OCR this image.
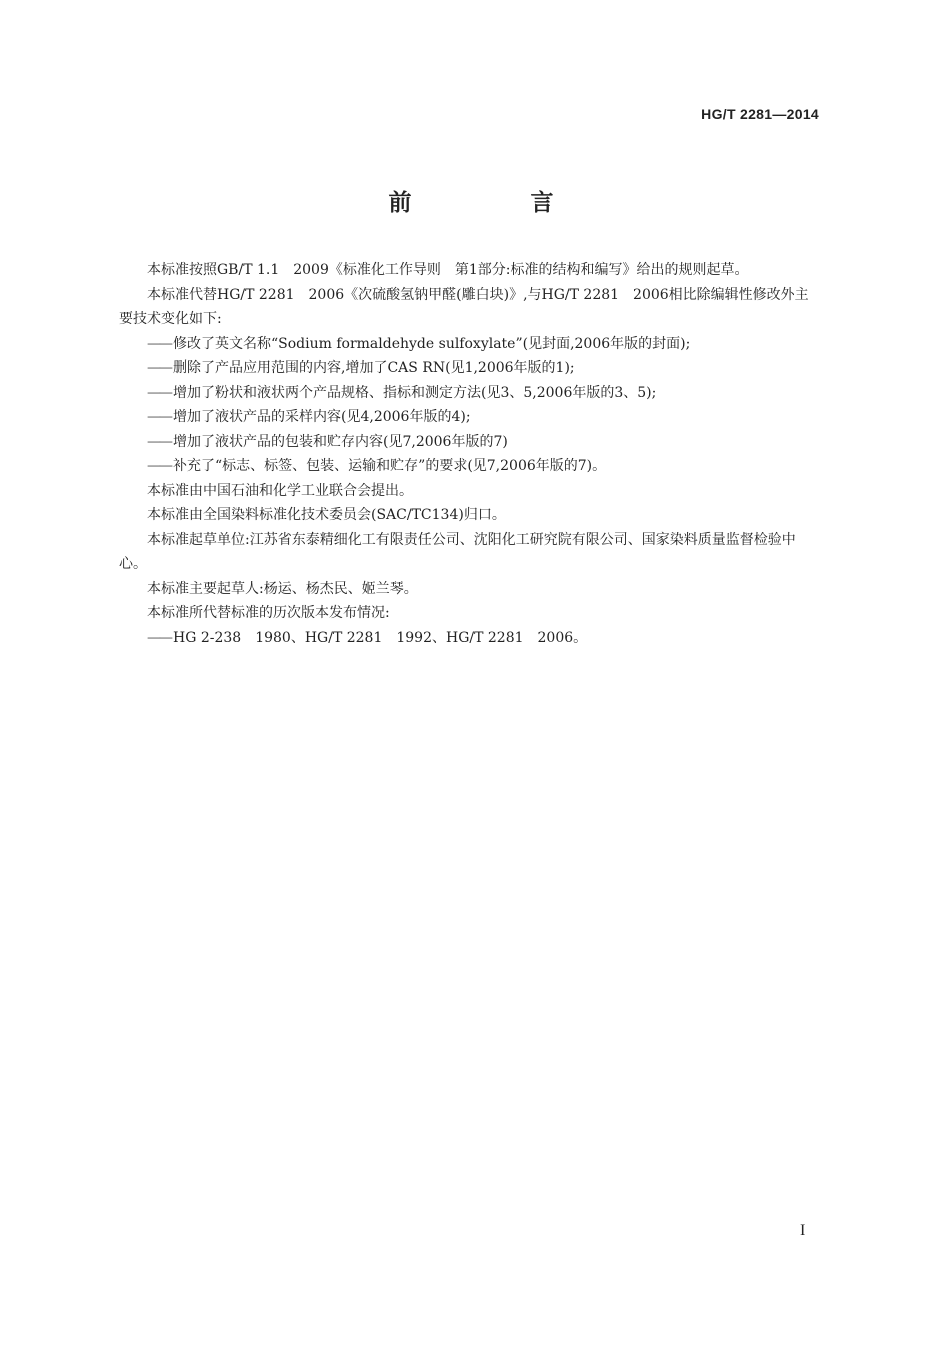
HG/T 2281—2014
前　言

本标准按照GB/T 1.1　2009《标准化工作导则　第1部分:标准的结构和编写》给出的规则起草。

本标准代替HG/T 2281　2006《次硫酸氢钠甲醛(雕白块)》,与HG/T 2281　2006相比除编辑性修改外主要技术变化如下:

—— 修改了英文名称“Sodium formaldehyde sulfoxylate”(见封面,2006年版的封面);

—— 删除了产品应用范围的内容,增加了CAS RN(见1,2006年版的1);

—— 增加了粉状和液状两个产品规格、指标和测定方法(见3、5,2006年版的3、5);

—— 增加了液状产品的采样内容(见4,2006年版的4);

—— 增加了液状产品的包装和贮存内容(见7,2006年版的7)

—— 补充了“标志、标签、包装、运输和贮存”的要求(见7,2006年版的7)。

本标准由中国石油和化学工业联合会提出。

本标准由全国染料标准化技术委员会(SAC/TC134)归口。

本标准起草单位:江苏省东泰精细化工有限责任公司、沈阳化工研究院有限公司、国家染料质量监督检验中心。

本标准主要起草人:杨运、杨杰民、姬兰琴。

本标准所代替标准的历次版本发布情况:

—— HG 2-238　1980、HG/T 2281　1992、HG/T 2281　2006。

I
